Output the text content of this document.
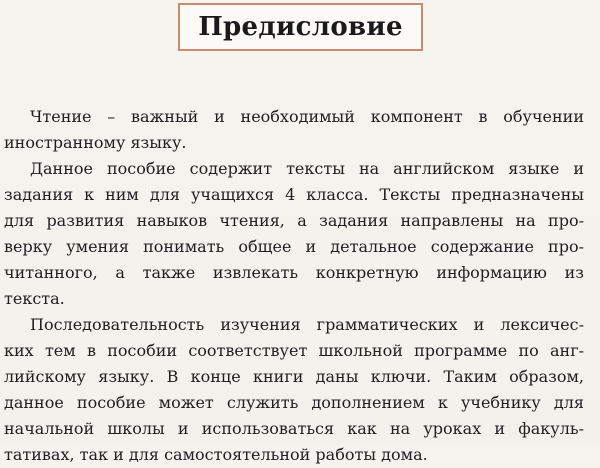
Предисловие
Чтение – важный и необходимый компонент в обучении
иностранному языку.
Данное пособие содержит тексты на английском языке и
задания к ним для учащихся 4 класса. Тексты предназначены
для развития навыков чтения, а задания направлены на про-
верку умения понимать общее и детальное содержание про-
читанного, а также извлекать конкретную информацию из
текста.
Последовательность изучения грамматических и лексичес-
ких тем в пособии соответствует школьной программе по анг-
лийскому языку. В конце книги даны ключи. Таким образом,
данное пособие может служить дополнением к учебнику для
начальной школы и использоваться как на уроках и факуль-
тативах, так и для самостоятельной работы дома.
